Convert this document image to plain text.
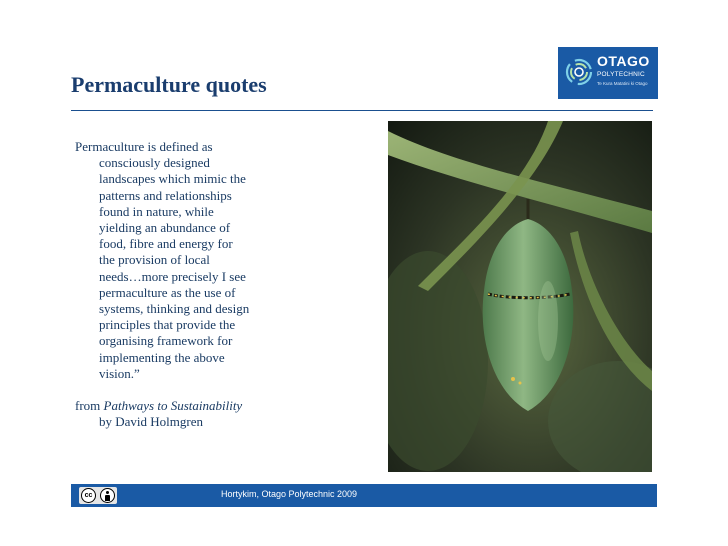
Permaculture quotes
OTAGO
POLYTECHNIC
Te Kura Matatini ki Otago

Permaculture is defined as
consciously designed
landscapes which mimic the
patterns and relationships
found in nature, while
yielding an abundance of
food, fibre and energy for
the provision of local
needs…more precisely I see
permaculture as the use of
systems, thinking and design
principles that provide the
organising framework for
implementing the above
vision.”

from Pathways to Sustainability
by David Holmgren

cc	Hortykim, Otago Polytechnic 2009
